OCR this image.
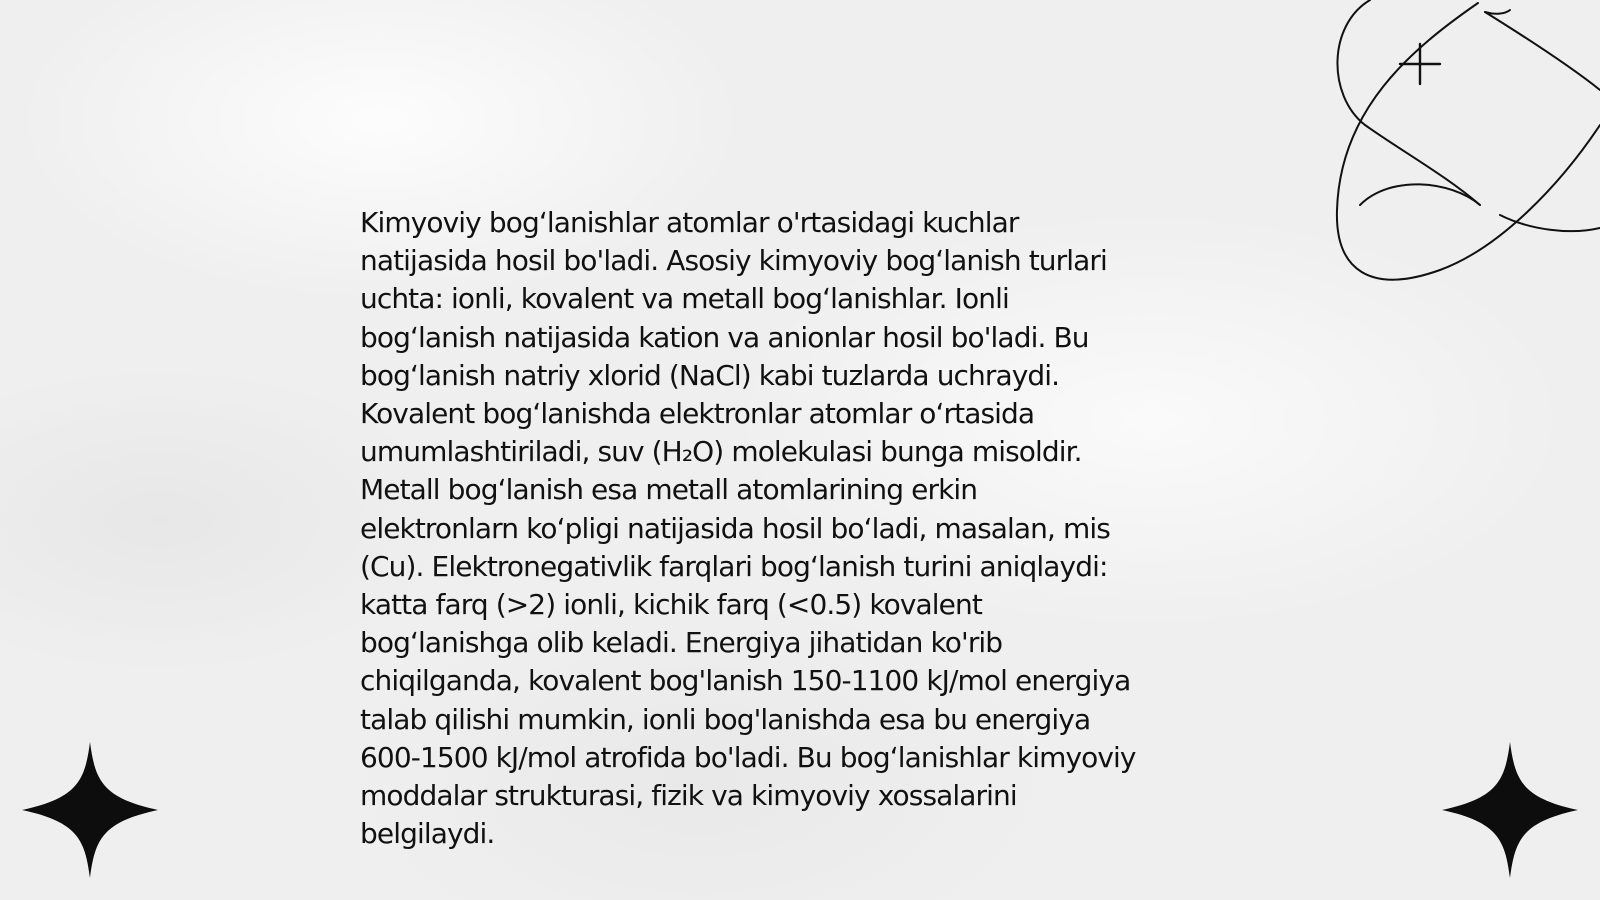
Kimyoviy bogʻlanishlar atomlar o'rtasidagi kuchlar
natijasida hosil bo'ladi. Asosiy kimyoviy bogʻlanish turlari
uchta: ionli, kovalent va metall bogʻlanishlar. Ionli
bogʻlanish natijasida kation va anionlar hosil bo'ladi. Bu
bogʻlanish natriy xlorid (NaCl) kabi tuzlarda uchraydi.
Kovalent bogʻlanishda elektronlar atomlar oʻrtasida
umumlashtiriladi, suv (H₂O) molekulasi bunga misoldir.
Metall bogʻlanish esa metall atomlarining erkin
elektronlarn koʻpligi natijasida hosil boʻladi, masalan, mis
(Cu). Elektronegativlik farqlari bogʻlanish turini aniqlaydi:
katta farq (>2) ionli, kichik farq (<0.5) kovalent
bogʻlanishga olib keladi. Energiya jihatidan ko'rib
chiqilganda, kovalent bog'lanish 150-1100 kJ/mol energiya
talab qilishi mumkin, ionli bog'lanishda esa bu energiya
600-1500 kJ/mol atrofida bo'ladi. Bu bogʻlanishlar kimyoviy
moddalar strukturasi, fizik va kimyoviy xossalarini
belgilaydi.
